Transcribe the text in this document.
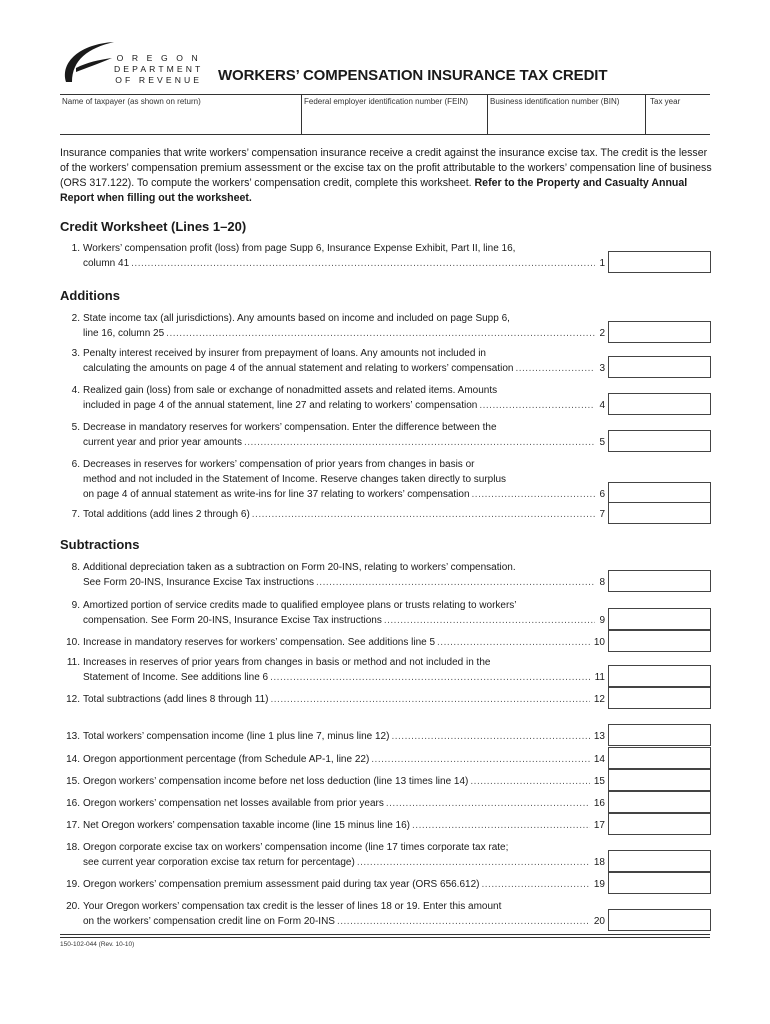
O R E G O N
DEPARTMENT
OF REVENUE WORKERS’ COMPENSATION INSURANCE TAX CREDIT
Name of taxpayer (as shown on return)	Federal employer identification number (FEIN)	Business identification number (BIN)	Tax year
Insurance companies that write workers’ compensation insurance receive a credit against the insurance excise tax. The credit is the lesser of the workers’ compensation premium assessment or the excise tax on the profit attributable to the workers’ compensation line of business (ORS 317.122). To compute the workers’ compensation credit, complete this worksheet. Refer to the Property and Casualty Annual Report when filling out the worksheet.
Credit Worksheet (Lines 1–20)
Additions
Subtractions
1. Workers’ compensation profit (loss) from page Supp 6, Insurance Expense Exhibit, Part II, line 16,
column 41 .....	1
2. State income tax (all jurisdictions). Any amounts based on income and included on page Supp 6,
line 16, column 25 .....	2
3. Penalty interest received by insurer from prepayment of loans. Any amounts not included in
calculating the amounts on page 4 of the annual statement and relating to workers’ compensation .....	3
4. Realized gain (loss) from sale or exchange of nonadmitted assets and related items. Amounts
included in page 4 of the annual statement, line 27 and relating to workers’ compensation .....	4
5. Decrease in mandatory reserves for workers’ compensation. Enter the difference between the
current year and prior year amounts .....	5
6. Decreases in reserves for workers’ compensation of prior years from changes in basis or
method and not included in the Statement of Income. Reserve changes taken directly to surplus
on page 4 of annual statement as write-ins for line 37 relating to workers’ compensation .....	6
7. Total additions (add lines 2 through 6) .....	7
8. Additional depreciation taken as a subtraction on Form 20-INS, relating to workers’ compensation.
See Form 20-INS, Insurance Excise Tax instructions .....	8
9. Amortized portion of service credits made to qualified employee plans or trusts relating to workers’
compensation. See Form 20-INS, Insurance Excise Tax instructions .....	9
10. Increase in mandatory reserves for workers’ compensation. See additions line 5 .....	10
11. Increases in reserves of prior years from changes in basis or method and not included in the
Statement of Income. See additions line 6 .....	11
12. Total subtractions (add lines 8 through 11) .....	12
13. Total workers’ compensation income (line 1 plus line 7, minus line 12) .....	13
14. Oregon apportionment percentage (from Schedule AP-1, line 22) .....	14
15. Oregon workers’ compensation income before net loss deduction (line 13 times line 14) .....	15
16. Oregon workers’ compensation net losses available from prior years .....	16
17. Net Oregon workers’ compensation taxable income (line 15 minus line 16) .....	17
18. Oregon corporate excise tax on workers’ compensation income (line 17 times corporate tax rate;
see current year corporation excise tax return for percentage) .....	18
19. Oregon workers’ compensation premium assessment paid during tax year (ORS 656.612) .....	19
20. Your Oregon workers’ compensation tax credit is the lesser of lines 18 or 19. Enter this amount
on the workers’ compensation credit line on Form 20-INS .....	20
150-102-044 (Rev. 10-10)
